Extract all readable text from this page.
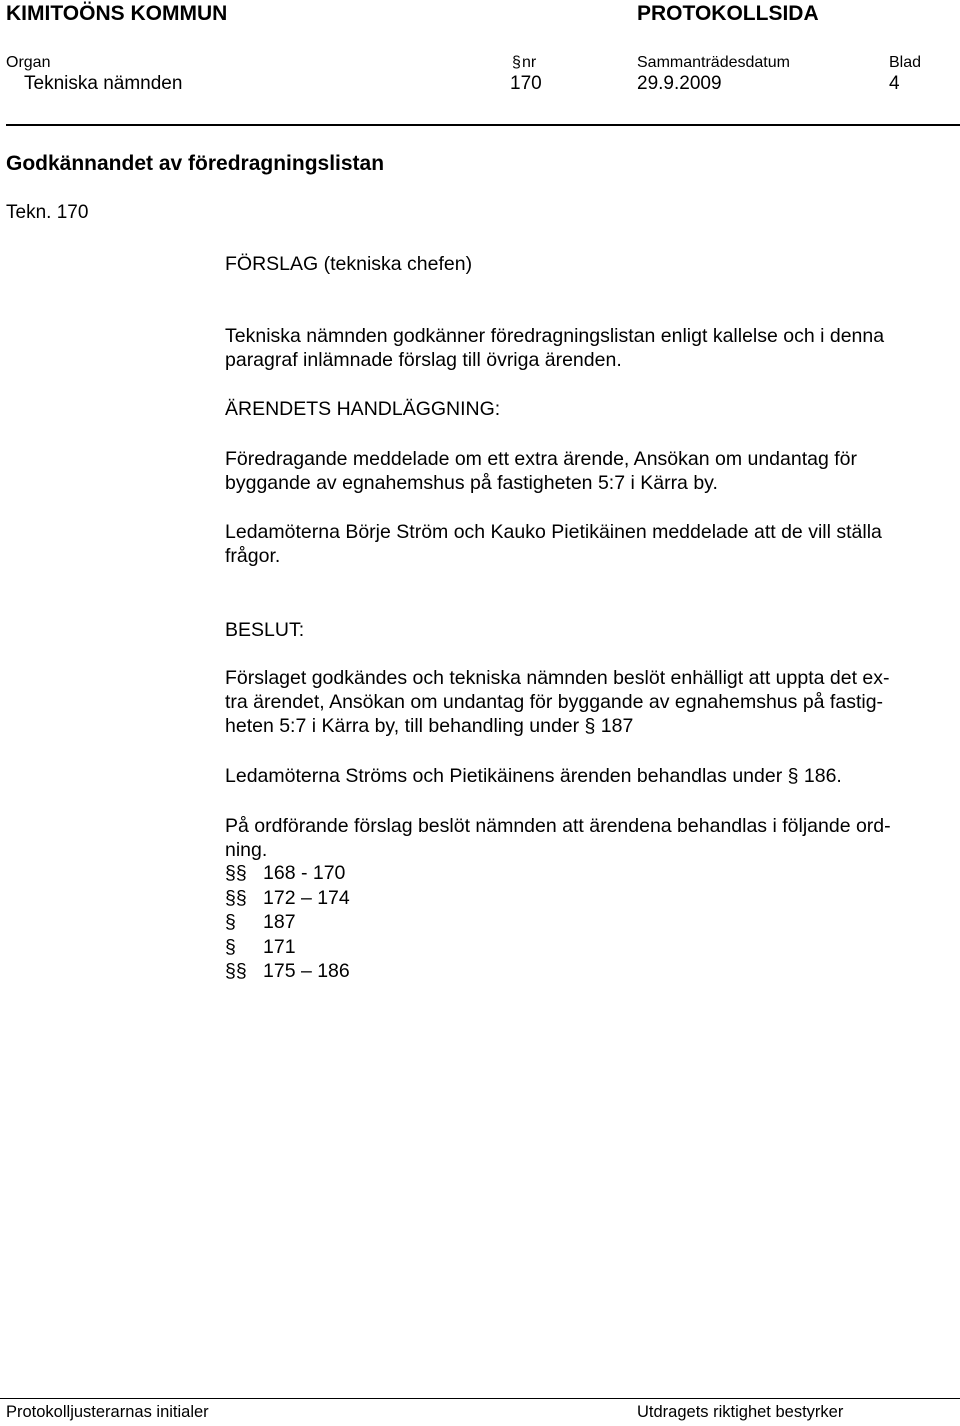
KIMITOÖNS KOMMUN	PROTOKOLLSIDA
Organ	§ nr	Sammanträdesdatum	Blad
Tekniska nämnden	170	29.9.2009	4
Godkännandet av föredragningslistan
Tekn. 170
FÖRSLAG (tekniska chefen)
Tekniska nämnden godkänner föredragningslistan enligt kallelse och i denna
paragraf inlämnade förslag till övriga ärenden.
ÄRENDETS HANDLÄGGNING:
Föredragande meddelade om ett extra ärende, Ansökan om undantag för
byggande av egnahemshus på fastigheten 5:7 i Kärra by.
Ledamöterna Börje Ström och Kauko Pietikäinen meddelade att de vill ställa
frågor.
BESLUT:
Förslaget godkändes och tekniska nämnden beslöt enhälligt att uppta det ex-
tra ärendet, Ansökan om undantag för byggande av egnahemshus på fastig-
heten 5:7 i Kärra by, till behandling under § 187
Ledamöterna Ströms och Pietikäinens ärenden behandlas under § 186.
På ordförande förslag beslöt nämnden att ärendena behandlas i följande ord-
ning.
§§ 168 - 170
§§ 172 – 174
§	187
§	171
§§ 175 – 186
Protokolljusterarnas initialer	Utdragets riktighet bestyrker
